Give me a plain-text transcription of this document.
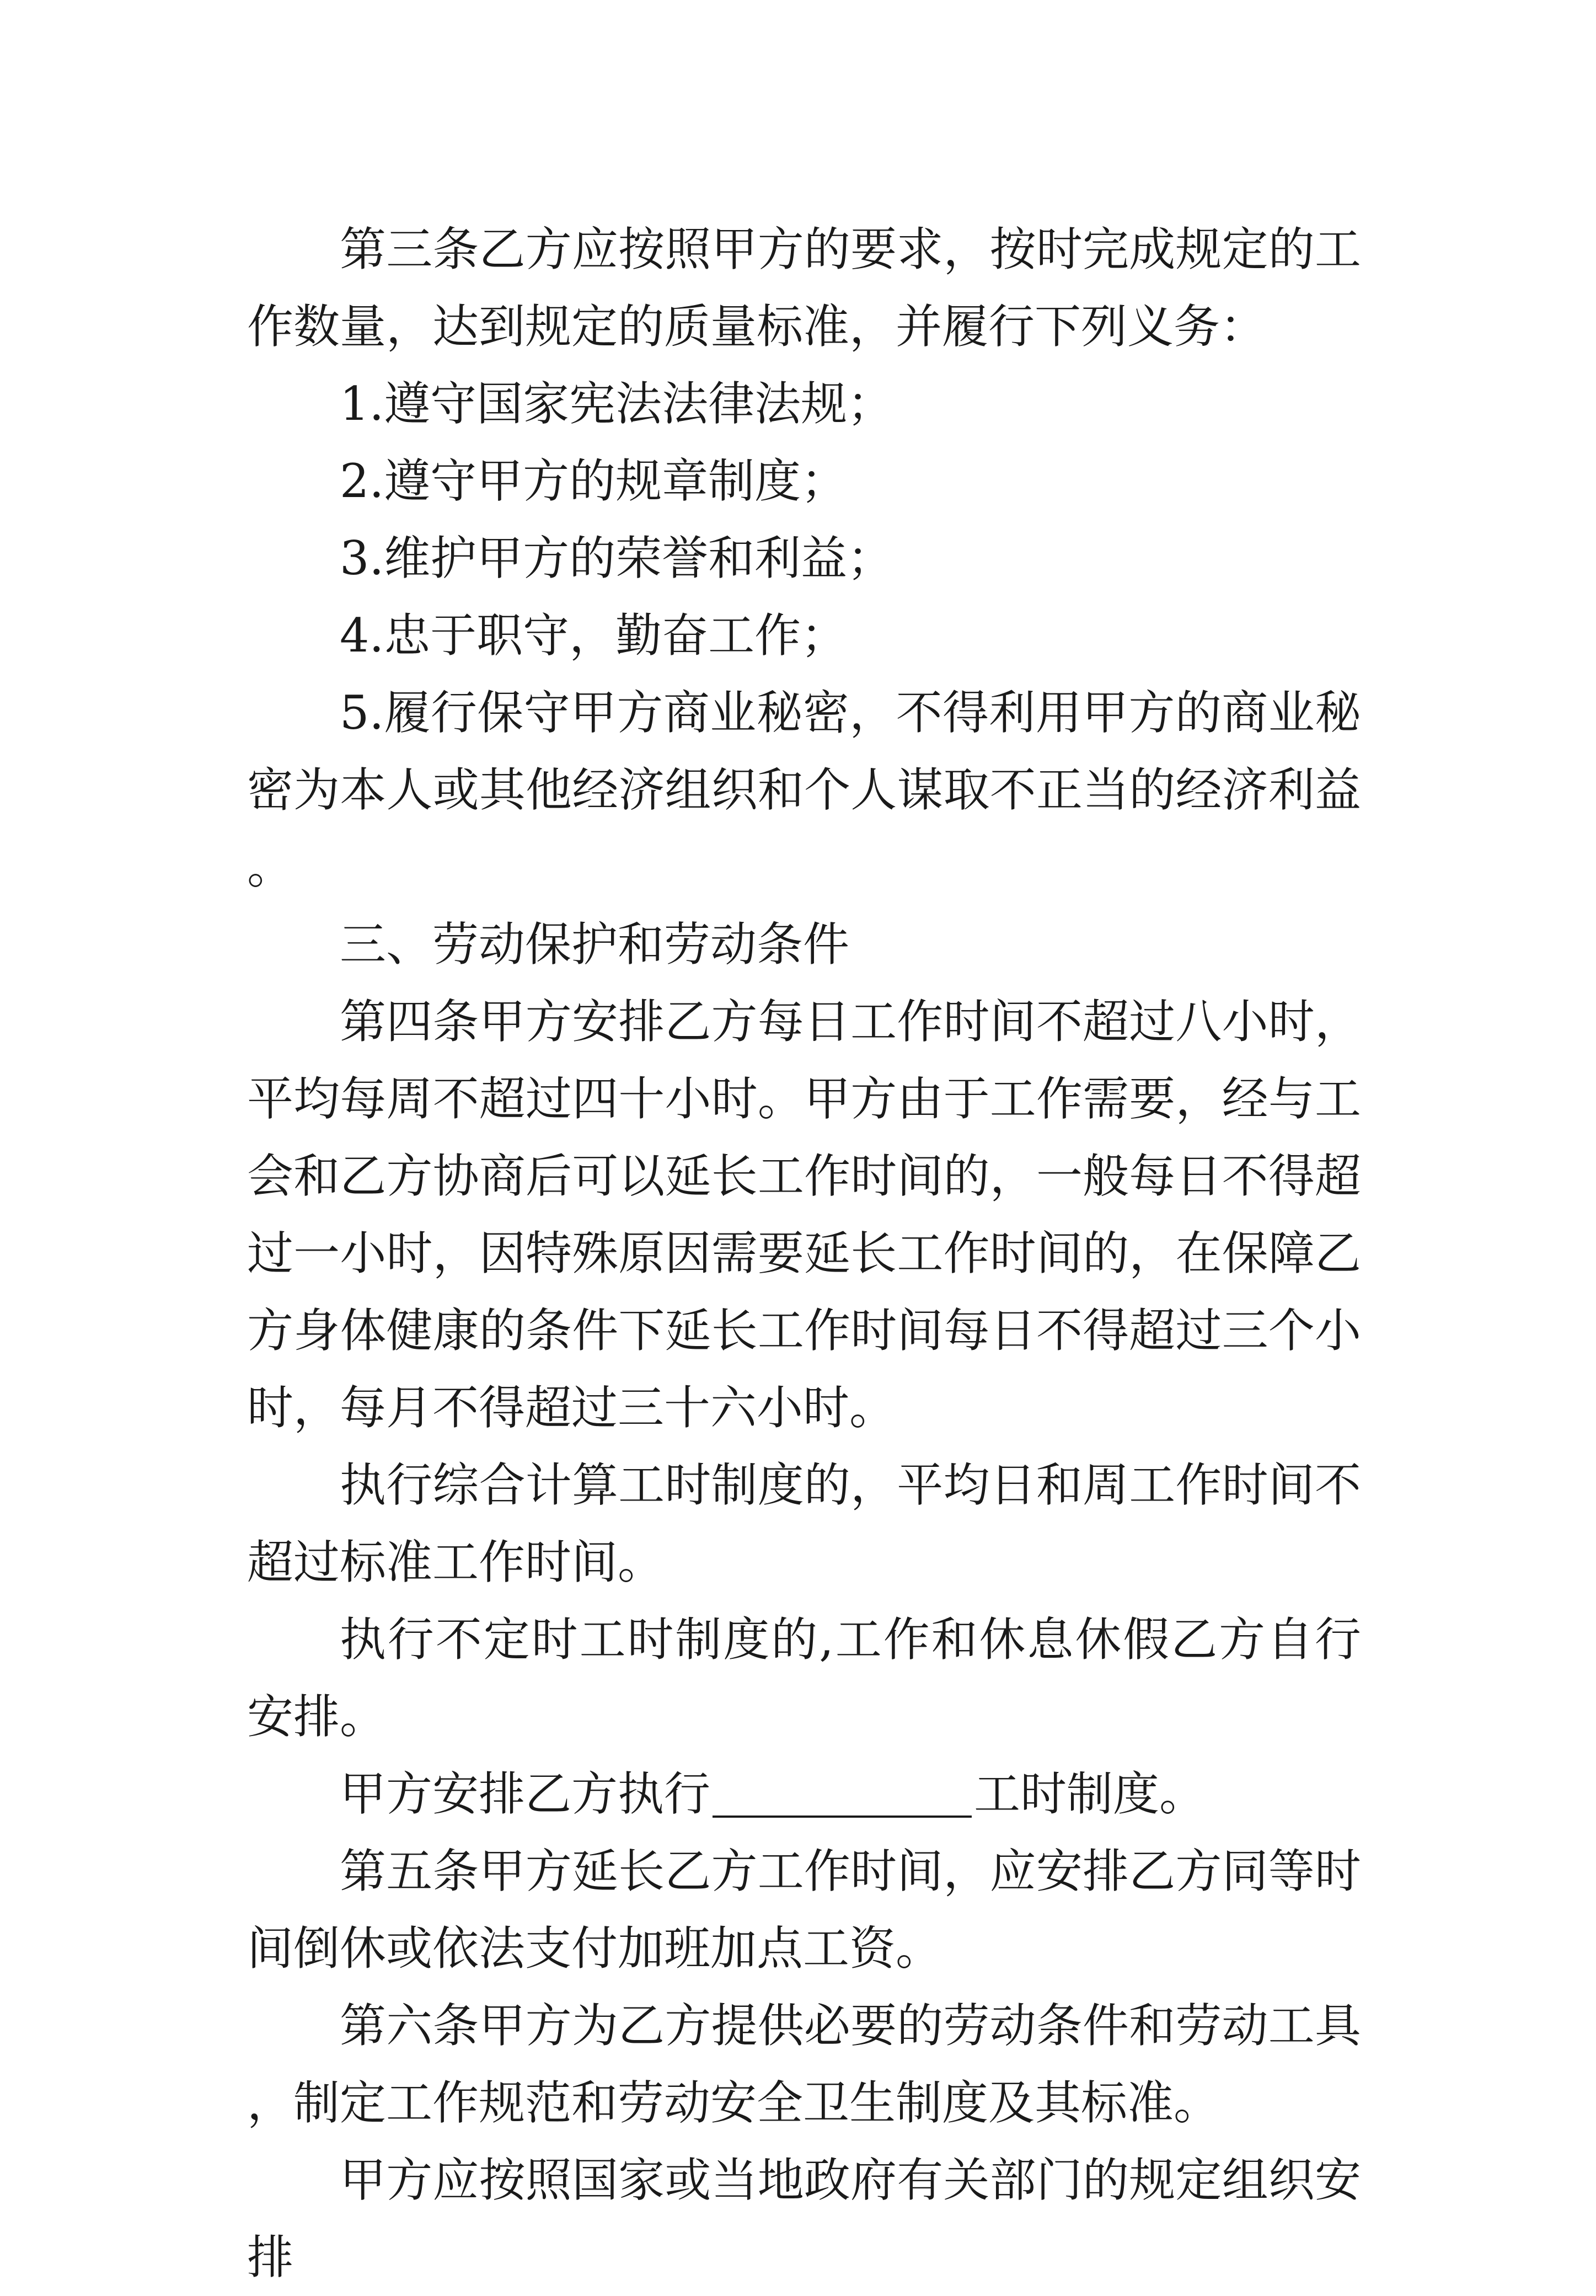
第三条乙方应按照甲方的要求，按时完成规定的工作数量，达到规定的质量标准，并履行下列义务：

1.遵守国家宪法法律法规；

2.遵守甲方的规章制度；

3.维护甲方的荣誉和利益；

4.忠于职守，勤奋工作；

5.履行保守甲方商业秘密，不得利用甲方的商业秘密为本人或其他经济组织和个人谋取不正当的经济利益。

三、劳动保护和劳动条件

第四条甲方安排乙方每日工作时间不超过八小时，平均每周不超过四十小时。甲方由于工作需要，经与工会和乙方协商后可以延长工作时间的，一般每日不得超过一小时，因特殊原因需要延长工作时间的，在保障乙方身体健康的条件下延长工作时间每日不得超过三个小时，每月不得超过三十六小时。

执行综合计算工时制度的，平均日和周工作时间不超过标准工作时间。

执行不定时工时制度的,工作和休息休假乙方自行安排。

甲方安排乙方执行	工时制度。

第五条甲方延长乙方工作时间，应安排乙方同等时间倒休或依法支付加班加点工资。

第六条甲方为乙方提供必要的劳动条件和劳动工具，制定工作规范和劳动安全卫生制度及其标准。

甲方应按照国家或当地政府有关部门的规定组织安排
